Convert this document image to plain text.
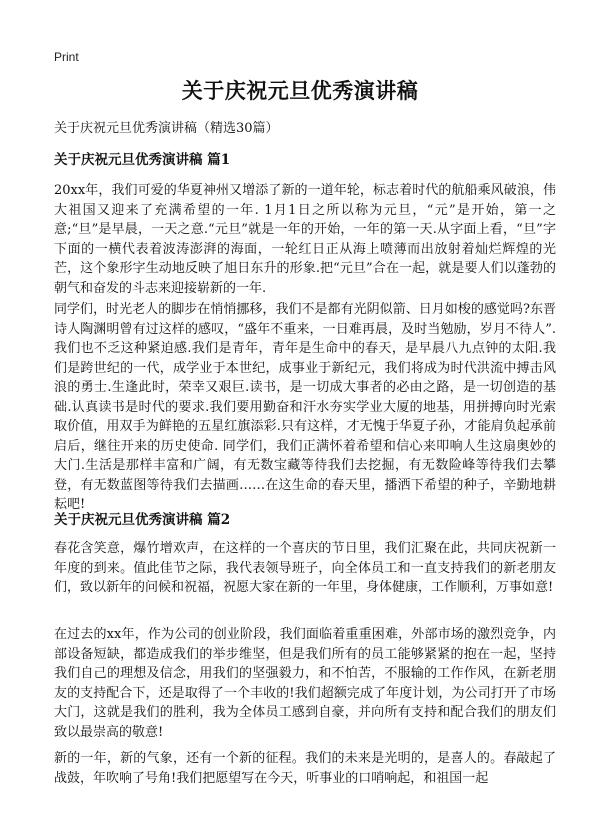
Print
关于庆祝元旦优秀演讲稿
关于庆祝元旦优秀演讲稿（精选30篇）
关于庆祝元旦优秀演讲稿 篇1
20xx年，我们可爱的华夏神州又增添了新的一道年轮，标志着时代的航船乘风破浪，伟大祖国又迎来了充满希望的一年. 1月1日之所以称为元旦，“元”是开始，第一之意;“旦”是早晨，一天之意.“元旦”就是一年的开始，一年的第一天.从字面上看，“旦”字下面的一横代表着波涛澎湃的海面，一轮红日正从海上喷薄而出放射着灿烂辉煌的光芒，这个象形字生动地反映了旭日东升的形象.把“元旦”合在一起，就是要人们以蓬勃的朝气和奋发的斗志来迎接崭新的一年.
同学们，时光老人的脚步在悄悄挪移，我们不是都有光阴似箭、日月如梭的感觉吗?东晋诗人陶渊明曾有过这样的感叹，“盛年不重来，一日难再晨，及时当勉励，岁月不待人”.我们也不乏这种紧迫感.我们是青年，青年是生命中的春天，是早晨八九点钟的太阳.我们是跨世纪的一代，成学业于本世纪，成事业于新纪元，我们将成为时代洪流中搏击风浪的勇士.生逢此时，荣幸又艰巨.读书，是一切成大事者的必由之路，是一切创造的基础.认真读书是时代的要求.我们要用勤奋和汗水夯实学业大厦的地基，用拼搏向时光索取价值，用双手为鲜艳的五星红旗添彩.只有这样，才无愧于华夏子孙，才能肩负起承前启后，继往开来的历史使命. 同学们，我们正满怀着希望和信心来叩响人生这扇奥妙的大门.生活是那样丰富和广阔，有无数宝藏等待我们去挖掘，有无数险峰等待我们去攀登，有无数蓝图等待我们去描画……在这生命的春天里，播洒下希望的种子，辛勤地耕耘吧!
关于庆祝元旦优秀演讲稿 篇2
春花含笑意，爆竹增欢声，在这样的一个喜庆的节日里，我们汇聚在此，共同庆祝新一年度的到来。值此佳节之际，我代表领导班子，向全体员工和一直支持我们的新老朋友们，致以新年的问候和祝福，祝愿大家在新的一年里，身体健康，工作顺利，万事如意!
在过去的xx年，作为公司的创业阶段，我们面临着重重困难，外部市场的激烈竞争，内部设备短缺，都造成我们的举步维坚，但是我们所有的员工能够紧紧的抱在一起，坚持我们自己的理想及信念，用我们的坚强毅力，和不怕苦，不服输的工作作风，在新老朋友的支持配合下，还是取得了一个丰收的!我们超额完成了年度计划，为公司打开了市场大门，这就是我们的胜利，我为全体员工感到自豪，并向所有支持和配合我们的朋友们致以最崇高的敬意!
新的一年，新的气象，还有一个新的征程。我们的未来是光明的，是喜人的。春敲起了战鼓，年吹响了号角!我们把愿望写在今天，听事业的口哨响起，和祖国一起
